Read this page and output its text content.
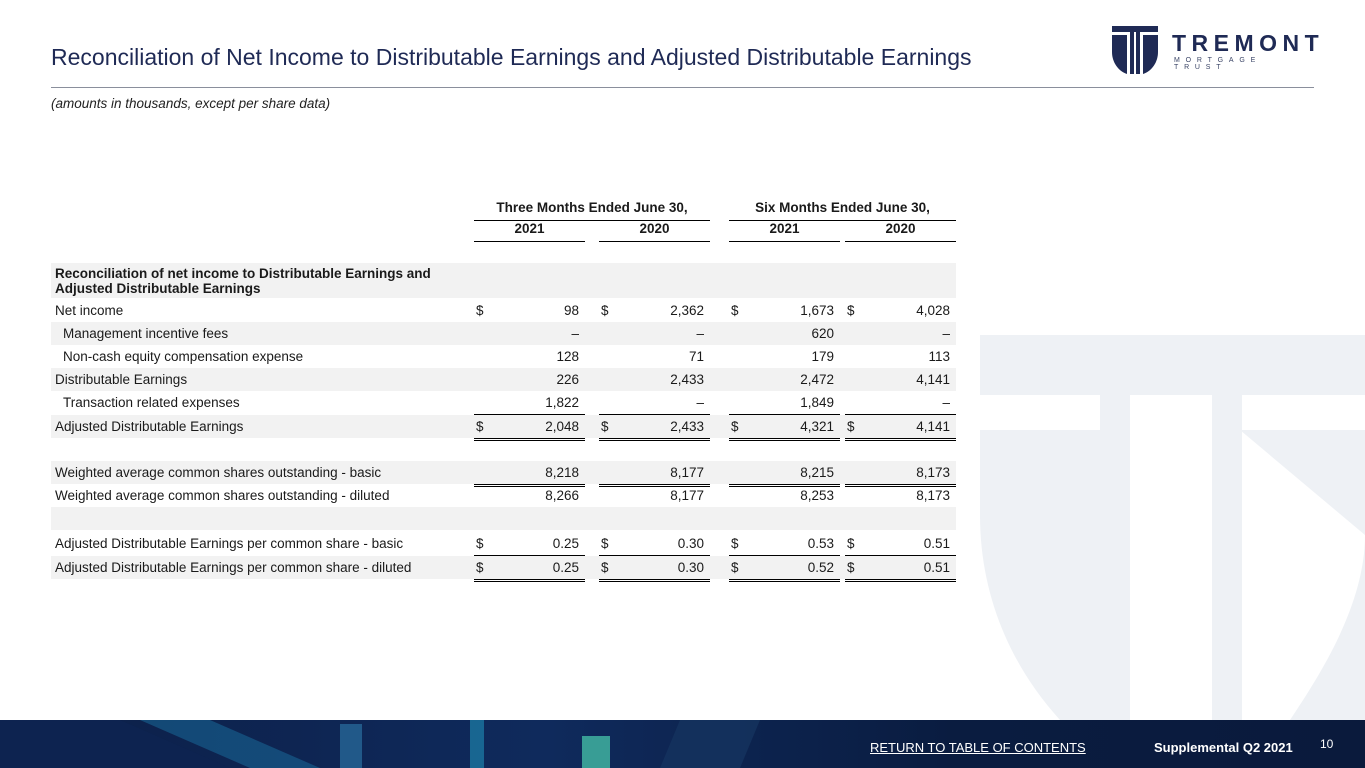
Reconciliation of Net Income to Distributable Earnings and Adjusted Distributable Earnings
(amounts in thousands, except per share data)
TREMONT
MORTGAGE TRUST
Three Months Ended June 30,	Six Months Ended June 30,
2021	2020	2021	2020
Reconciliation of net income to Distributable Earnings and Adjusted Distributable Earnings
Net income	$	98 $	2,362 $	1,673 $	4,028
Management incentive fees	–	–	620	–
Non-cash equity compensation expense	128	71	179	113
Distributable Earnings	226	2,433	2,472	4,141
Transaction related expenses	1,822	–	1,849	–
Adjusted Distributable Earnings	$	2,048 $	2,433 $	4,321 $	4,141
Weighted average common shares outstanding - basic	8,218	8,177	8,215	8,173
Weighted average common shares outstanding - diluted	8,266	8,177	8,253	8,173
Adjusted Distributable Earnings per common share - basic	$	0.25 $	0.30 $	0.53 $	0.51
Adjusted Distributable Earnings per common share - diluted	$	0.25 $	0.30 $	0.52 $	0.51
RETURN TO TABLE OF CONTENTS	Supplemental Q2 2021 10
